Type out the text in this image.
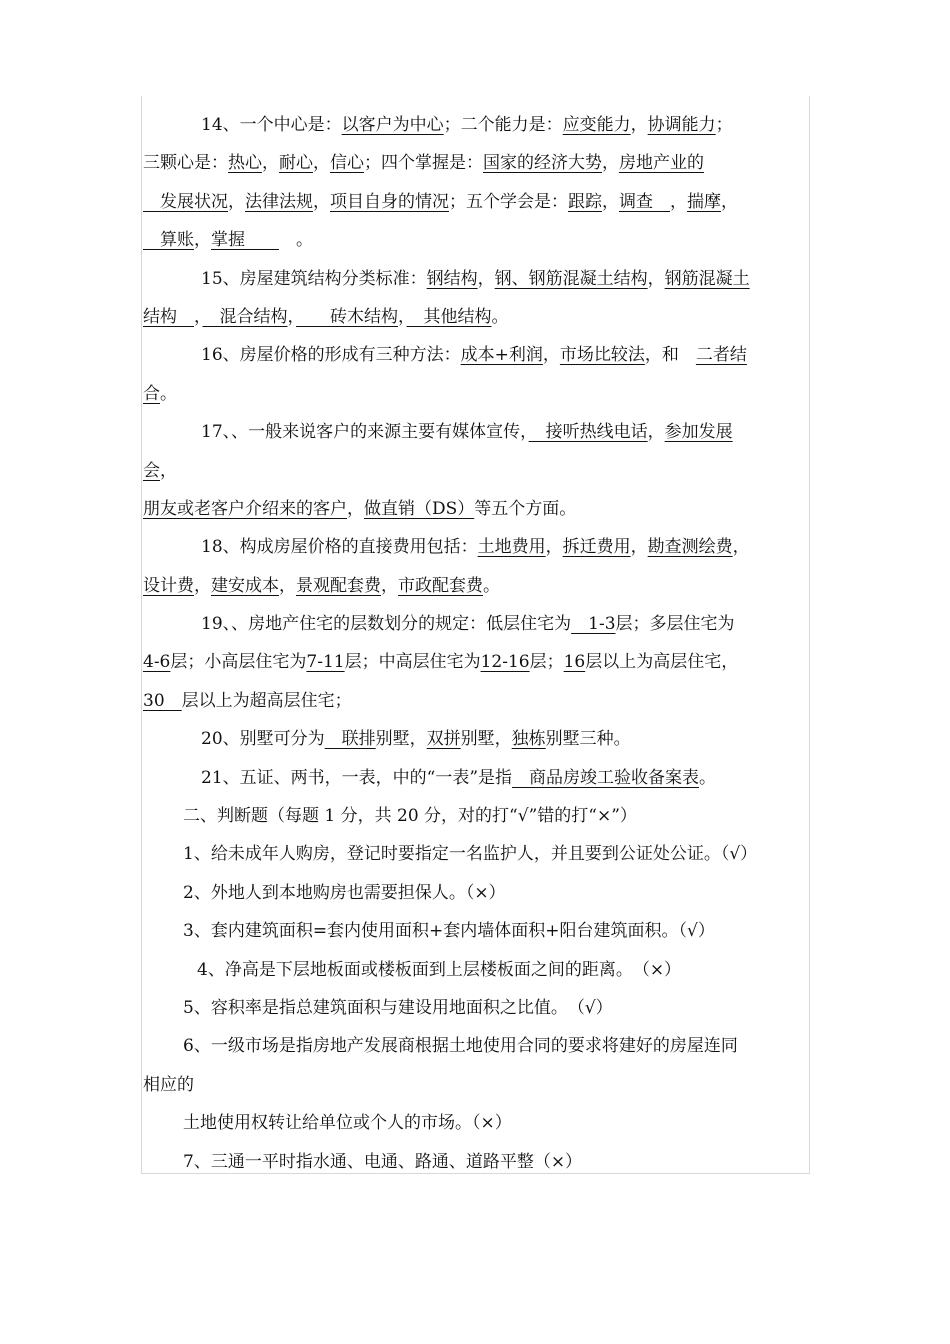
14、一个中心是：以客户为中心；二个能力是：应变能力，协调能力；
三颗心是：热心，耐心，信心；四个掌握是：国家的经济大势，房地产业的
　发展状况，法律法规，项目自身的情况；五个学会是：跟踪，调查　，揣摩，
　算账，掌握　　　。
15、房屋建筑结构分类标准：钢结构，钢、钢筋混凝土结构，钢筋混凝土
结构　，　混合结构，　　砖木结构，　其他结构。
16、房屋价格的形成有三种方法：成本+利润，市场比较法，和　二者结
合。
17、、一般来说客户的来源主要有媒体宣传，　接听热线电话，参加发展
会，
朋友或老客户介绍来的客户，做直销（DS）等五个方面。
18、构成房屋价格的直接费用包括：土地费用，拆迁费用，勘查测绘费，
设计费，建安成本，景观配套费，市政配套费。
19、、房地产住宅的层数划分的规定：低层住宅为　1-3层；多层住宅为
4-6层；小高层住宅为7-11层；中高层住宅为12-16层；16层以上为高层住宅，
30　层以上为超高层住宅；
20、别墅可分为　联排别墅，双拼别墅，独栋别墅三种。
21、五证、两书，一表，中的“一表”是指　商品房竣工验收备案表。
二、判断题（每题 1 分，共 20 分，对的打“√”错的打“×”）
1、给未成年人购房，登记时要指定一名监护人，并且要到公证处公证。（√）
2、外地人到本地购房也需要担保人。（×）
3、套内建筑面积=套内使用面积+套内墙体面积+阳台建筑面积。（√）
4、净高是下层地板面或楼板面到上层楼板面之间的距离。　（×）
5、容积率是指总建筑面积与建设用地面积之比值。　（√）
6、一级市场是指房地产发展商根据土地使用合同的要求将建好的房屋连同
相应的
土地使用权转让给单位或个人的市场。（×）
7、三通一平时指水通、电通、路通、道路平整（×）
